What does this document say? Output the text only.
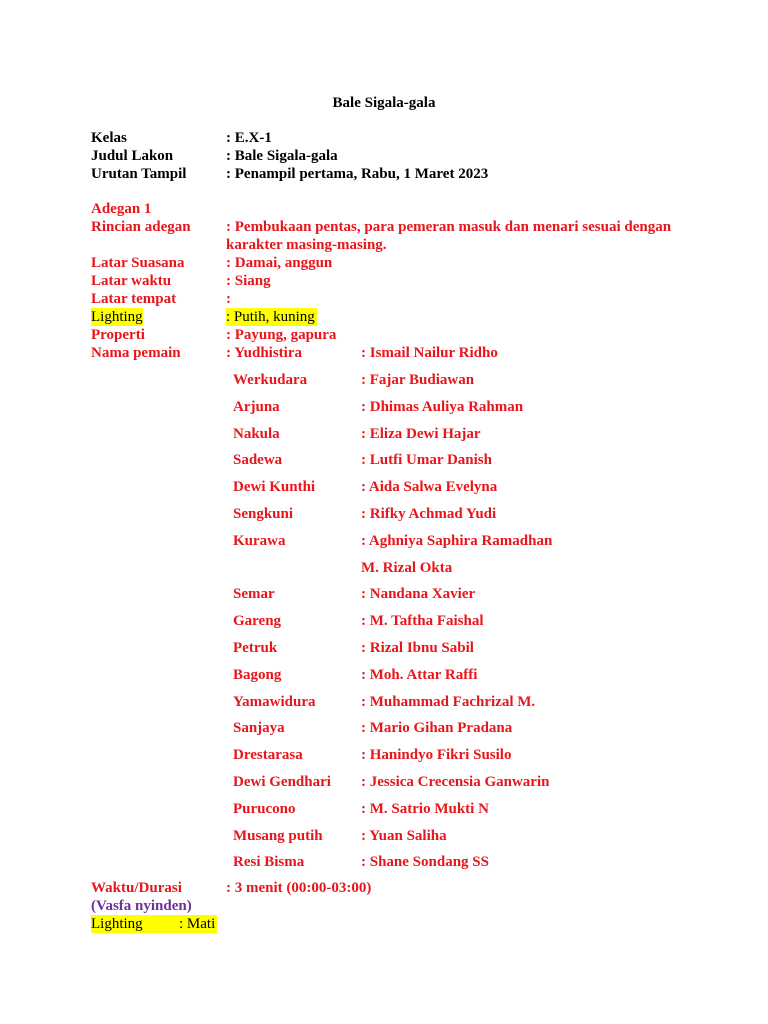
Bale Sigala-gala
Kelas	: E.X-1
Judul Lakon	: Bale Sigala-gala
Urutan Tampil	: Penampil pertama, Rabu, 1 Maret 2023
Adegan 1
Rincian adegan : Pembukaan pentas, para pemeran masuk dan menari sesuai dengan karakter masing-masing.
Latar Suasana	: Damai, anggun
Latar waktu	: Siang
Latar tempat	:
Lighting	: Putih, kuning
Properti	: Payung, gapura
Nama pemain	: Yudhistira	: Ismail Nailur Ridho
Werkudara	: Fajar Budiawan
Arjuna	: Dhimas Auliya Rahman
Nakula	: Eliza Dewi Hajar
Sadewa	: Lutfi Umar Danish
Dewi Kunthi	: Aida Salwa Evelyna
Sengkuni	: Rifky Achmad Yudi
Kurawa	: Aghniya Saphira Ramadhan
M. Rizal Okta
Semar	: Nandana Xavier
Gareng	: M. Taftha Faishal
Petruk	: Rizal Ibnu Sabil
Bagong	: Moh. Attar Raffi
Yamawidura	: Muhammad Fachrizal M.
Sanjaya	: Mario Gihan Pradana
Drestarasa	: Hanindyo Fikri Susilo
Dewi Gendhari : Jessica Crecensia Ganwarin
Purucono	: M. Satrio Mukti N
Musang putih	: Yuan Saliha
Resi Bisma	: Shane Sondang SS
Waktu/Durasi	: 3 menit (00:00-03:00)
(Vasfa nyinden)
Lighting	: Mati
